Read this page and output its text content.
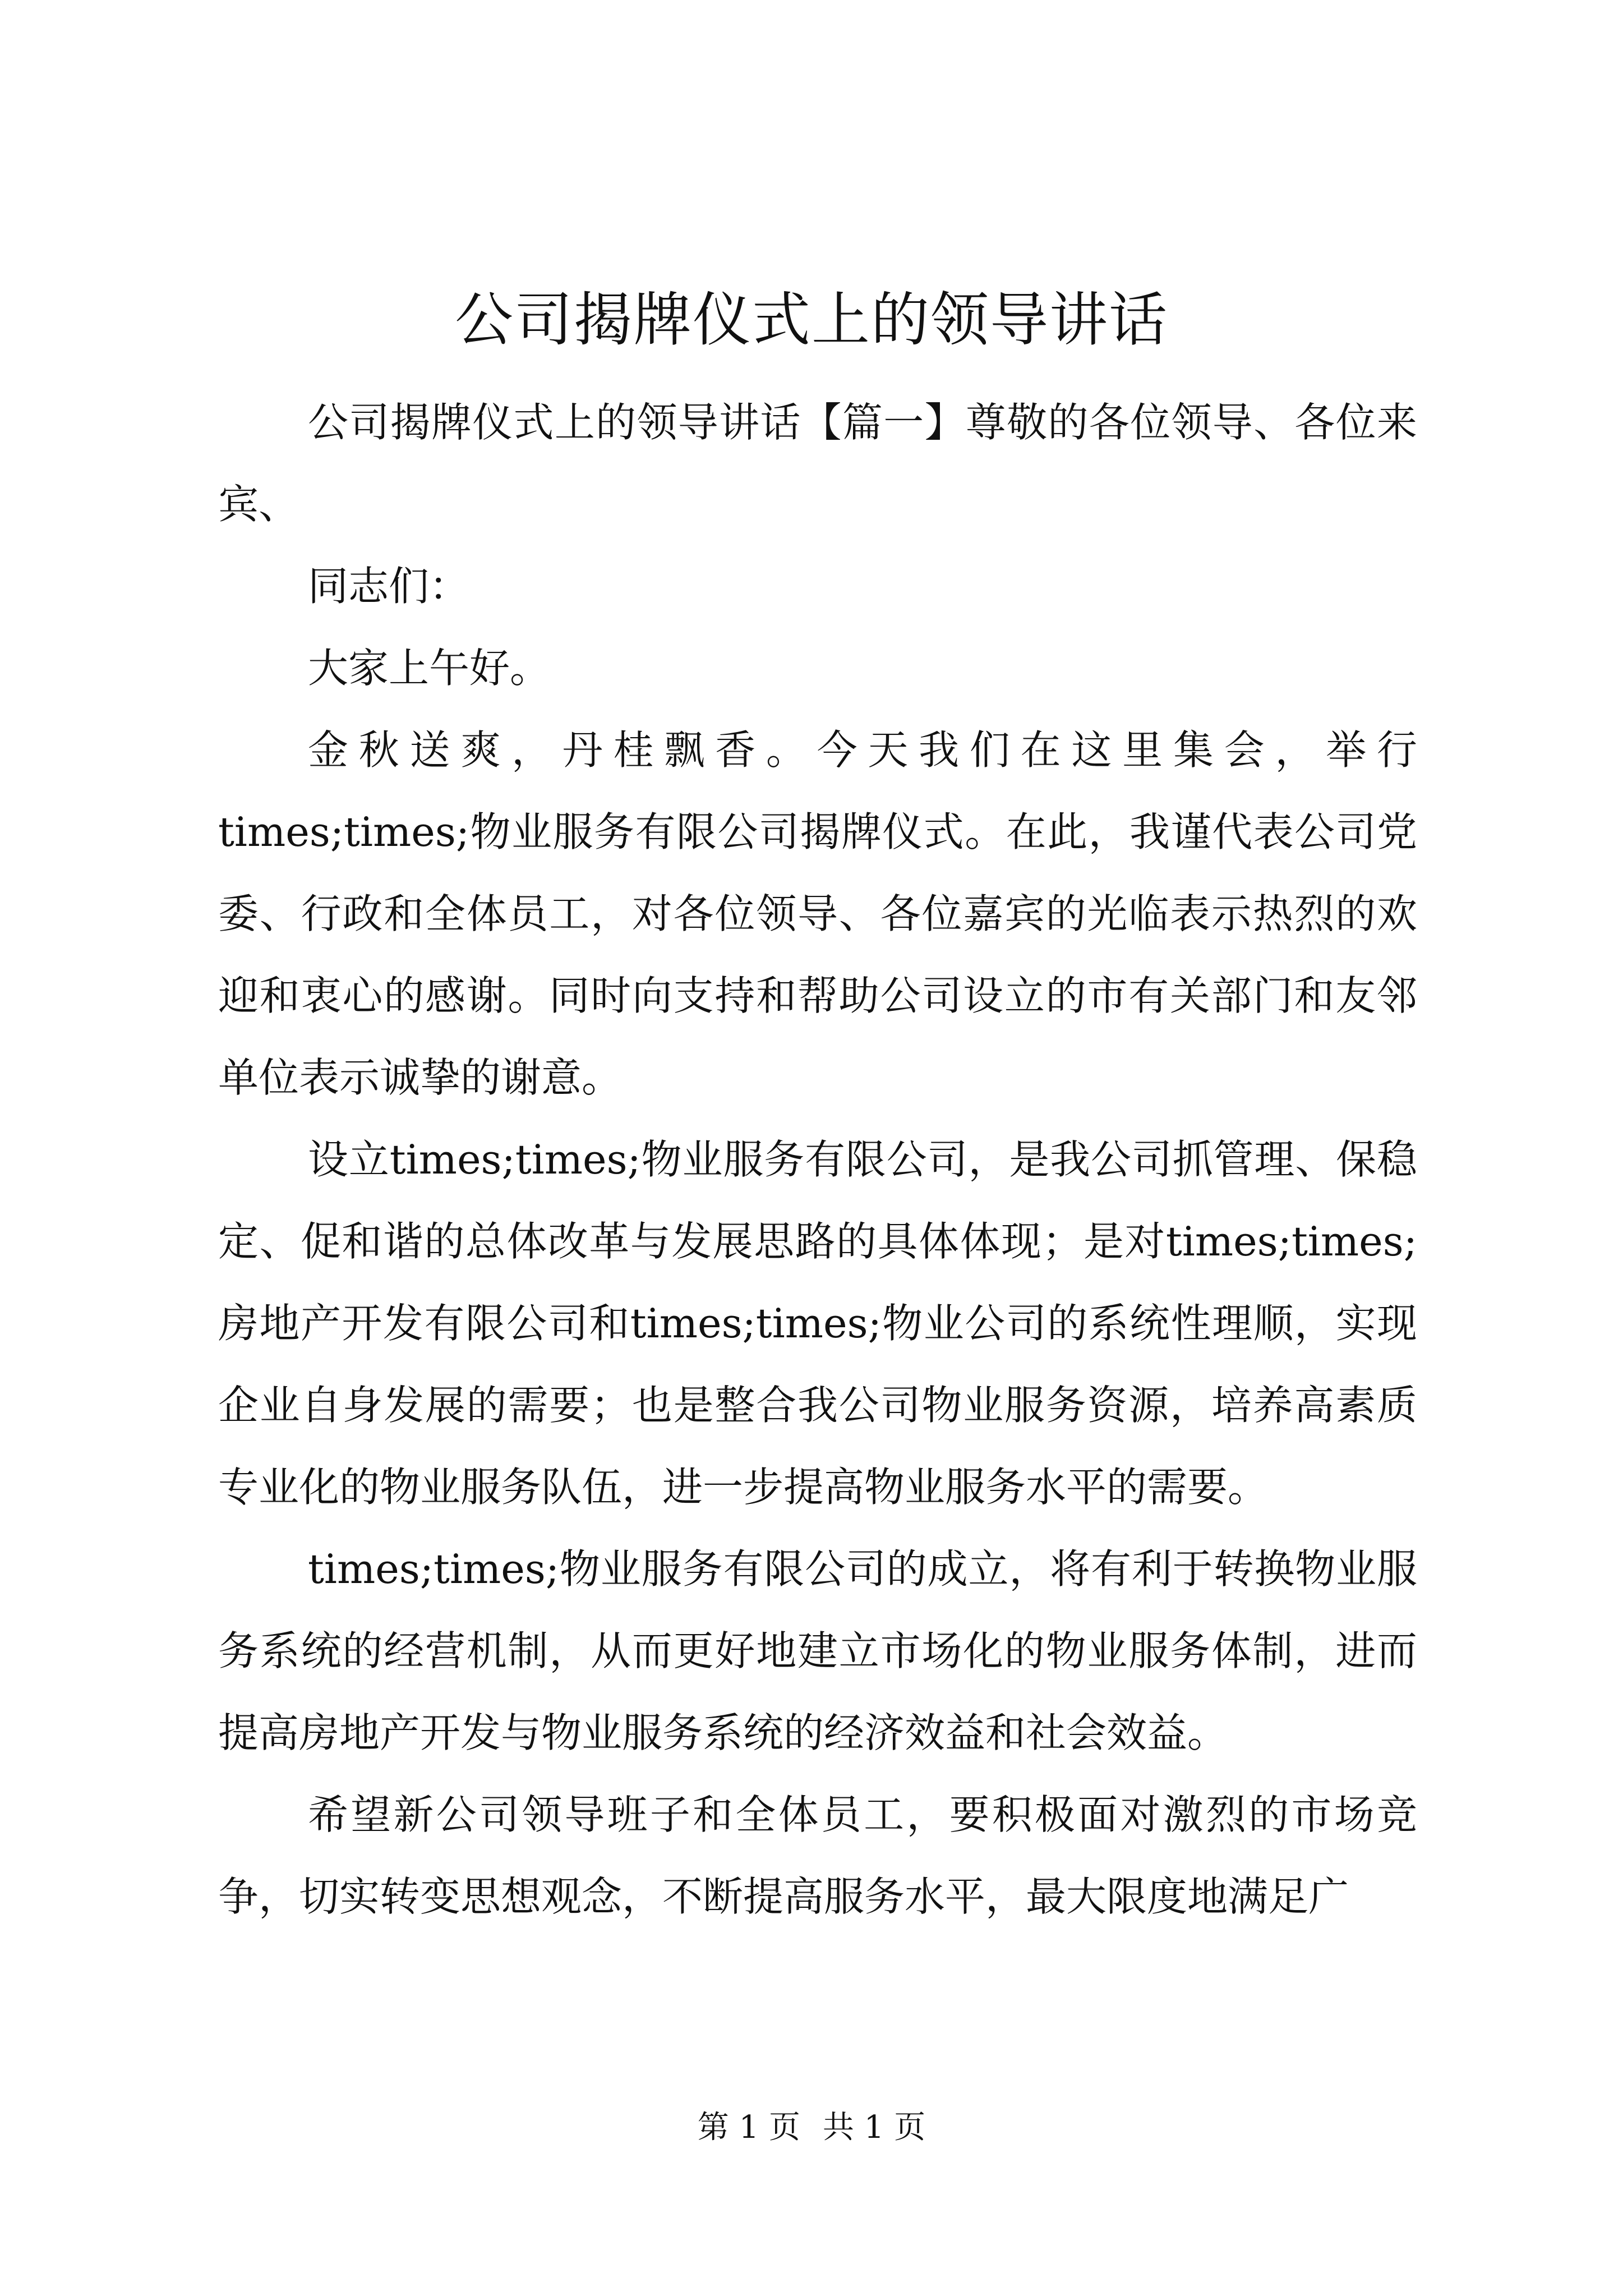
公司揭牌仪式上的领导讲话

公司揭牌仪式上的领导讲话【篇一】尊敬的各位领导、各位来宾、

同志们：

大家上午好。

金秋送爽，丹桂飘香。今天我们在这里集会，举行times;times;物业服务有限公司揭牌仪式。在此，我谨代表公司党委、行政和全体员工，对各位领导、各位嘉宾的光临表示热烈的欢迎和衷心的感谢。同时向支持和帮助公司设立的市有关部门和友邻单位表示诚挚的谢意。

设立times;times;物业服务有限公司，是我公司抓管理、保稳定、促和谐的总体改革与发展思路的具体体现；是对times;times;房地产开发有限公司和times;times;物业公司的系统性理顺，实现企业自身发展的需要；也是整合我公司物业服务资源，培养高素质专业化的物业服务队伍，进一步提高物业服务水平的需要。

times;times;物业服务有限公司的成立，将有利于转换物业服务系统的经营机制，从而更好地建立市场化的物业服务体制，进而提高房地产开发与物业服务系统的经济效益和社会效益。

希望新公司领导班子和全体员工，要积极面对激烈的市场竞争，切实转变思想观念，不断提高服务水平，最大限度地满足广

第 1 页 共 1 页
